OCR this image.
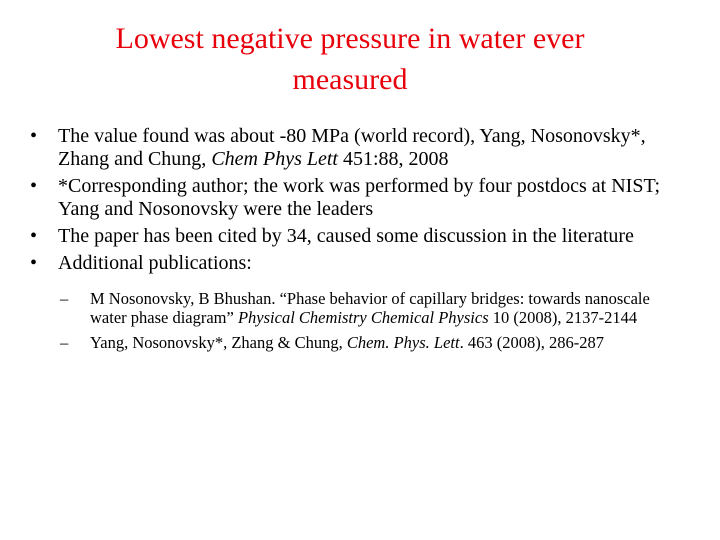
Lowest negative pressure in water ever
measured
•	The value found was about -80 MPa (world record), Yang, Nosonovsky*, Zhang and Chung, Chem Phys Lett 451:88, 2008
•	*Corresponding author; the work was performed by four postdocs at NIST; Yang and Nosonovsky were the leaders
•	The paper has been cited by 34, caused some discussion in the literature
•	Additional publications:
– M Nosonovsky, B Bhushan. “Phase behavior of capillary bridges: towards nanoscale water phase diagram” Physical Chemistry Chemical Physics 10 (2008), 2137-2144
– Yang, Nosonovsky*, Zhang & Chung, Chem. Phys. Lett. 463 (2008), 286-287
